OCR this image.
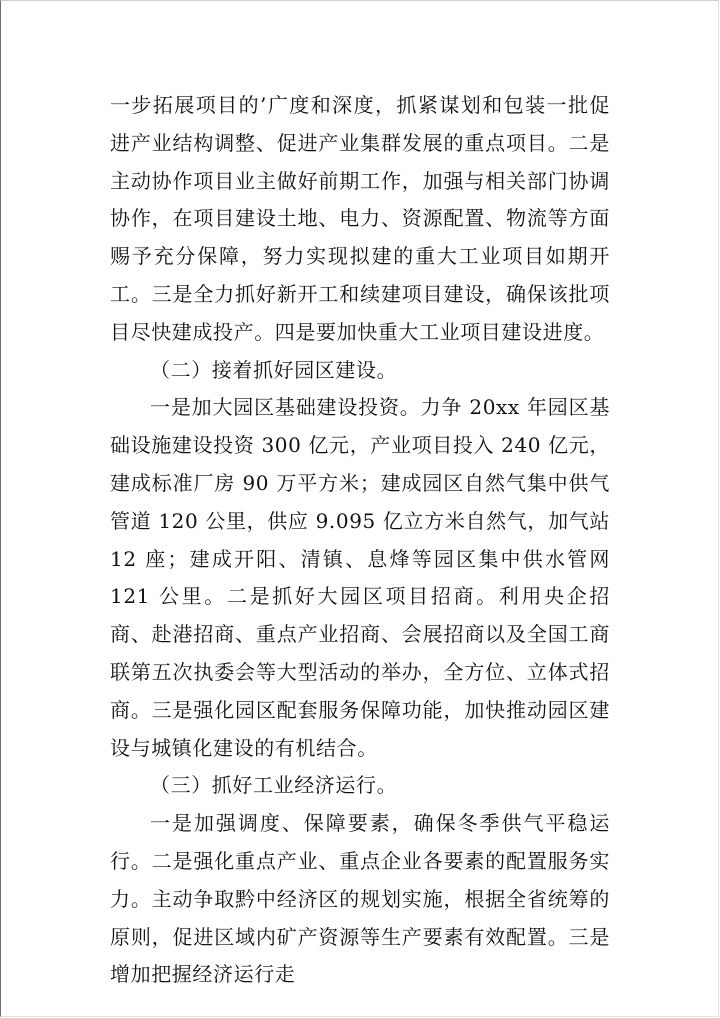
一步拓展项目的’广度和深度，抓紧谋划和包装一批促进产业结构调整、促进产业集群发展的重点项目。二是主动协作项目业主做好前期工作，加强与相关部门协调协作，在项目建设土地、电力、资源配置、物流等方面赐予充分保障，努力实现拟建的重大工业项目如期开工。三是全力抓好新开工和续建项目建设，确保该批项目尽快建成投产。四是要加快重大工业项目建设进度。

（二）接着抓好园区建设。

一是加大园区基础建设投资。力争 20xx 年园区基础设施建设投资 300 亿元，产业项目投入 240 亿元，建成标准厂房 90 万平方米；建成园区自然气集中供气管道 120 公里，供应 9.095 亿立方米自然气，加气站 12 座；建成开阳、清镇、息烽等园区集中供水管网 121 公里。二是抓好大园区项目招商。利用央企招商、赴港招商、重点产业招商、会展招商以及全国工商联第五次执委会等大型活动的举办，全方位、立体式招商。三是强化园区配套服务保障功能，加快推动园区建设与城镇化建设的有机结合。

（三）抓好工业经济运行。

一是加强调度、保障要素，确保冬季供气平稳运行。二是强化重点产业、重点企业各要素的配置服务实力。主动争取黔中经济区的规划实施，根据全省统筹的原则，促进区域内矿产资源等生产要素有效配置。三是增加把握经济运行走
